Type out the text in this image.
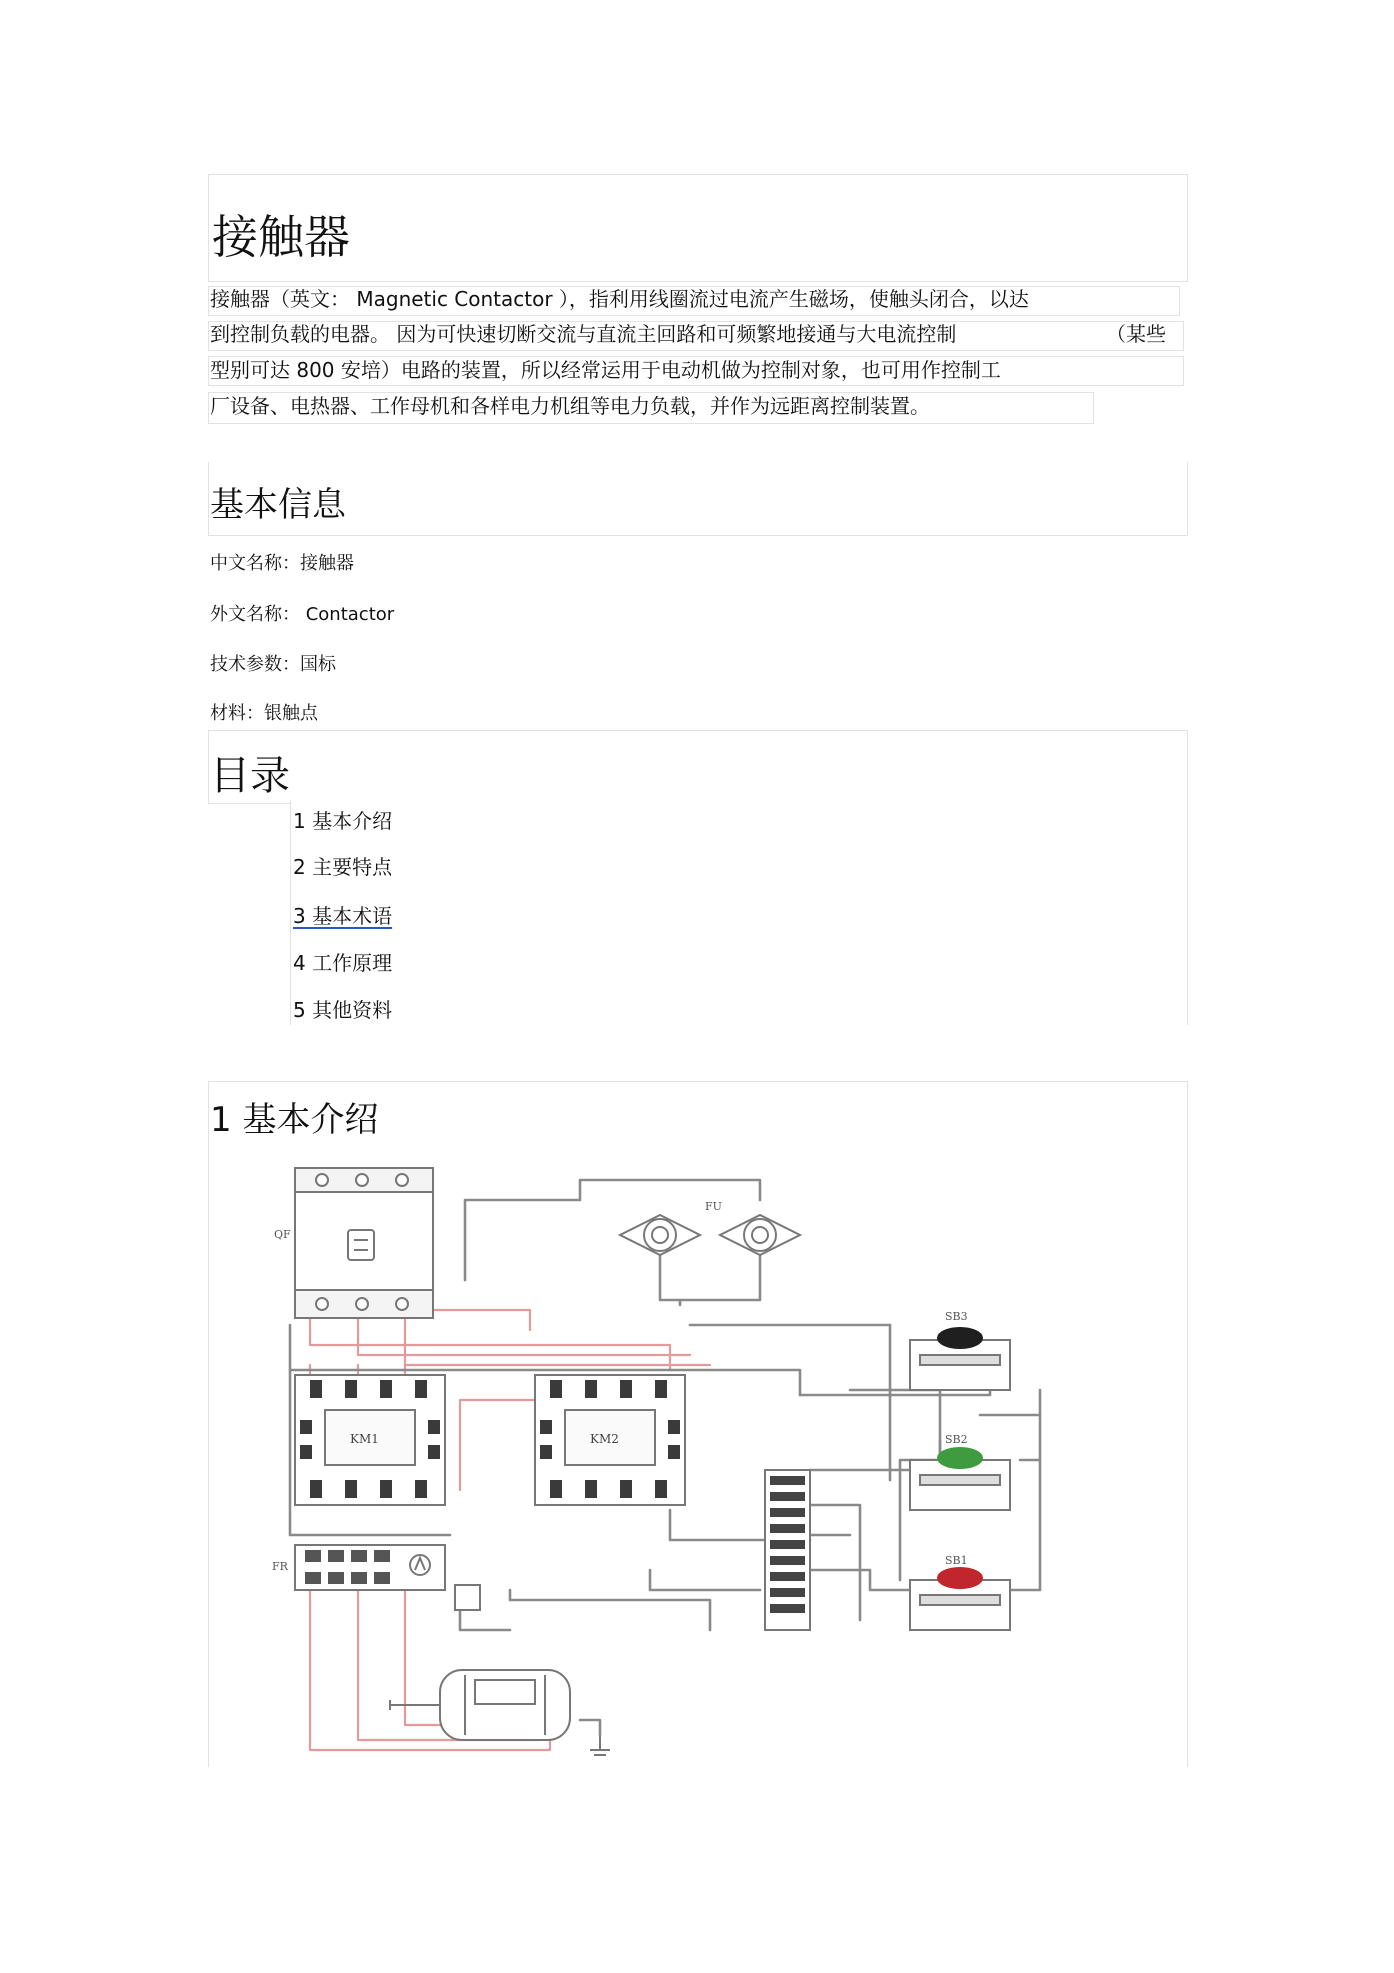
接触器
接触器（英文： Magnetic Contactor ），指利用线圈流过电流产生磁场，使触头闭合，以达
到控制负载的电器。 因为可快速切断交流与直流主回路和可频繁地接通与大电流控制	（某些
型别可达 800 安培）电路的装置，所以经常运用于电动机做为控制对象，也可用作控制工
厂设备、电热器、工作母机和各样电力机组等电力负载，并作为远距离控制装置。
基本信息
中文名称：接触器
外文名称： Contactor
技术参数：国标
材料：银触点
目录
1 基本介绍
2 主要特点
3 基本术语
4 工作原理
5 其他资料
1 基本介绍
QF
FU
KM1	KM2
FR
SB3
SB2
SB1
